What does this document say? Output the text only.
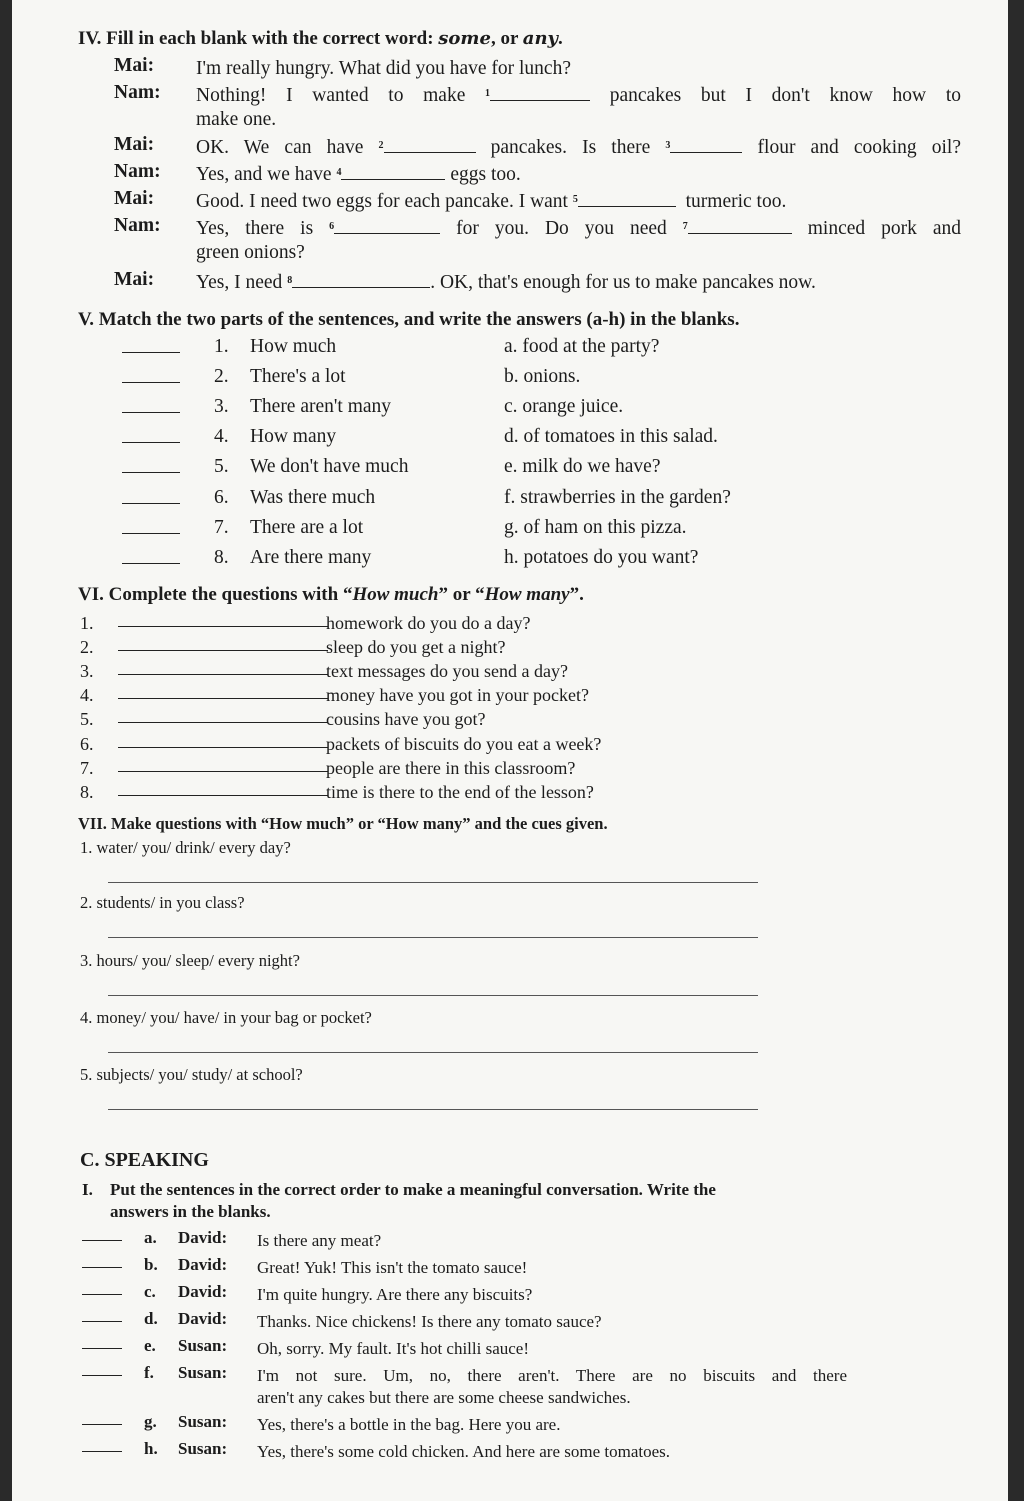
IV. Fill in each blank with the correct word: some, or any.
Mai: I'm really hungry. What did you have for lunch?
Nam: Nothing! I wanted to make $^1$	pancakes but I don't know how to
make one.
Mai: OK. We can have $^2$	pancakes. Is there $^3$	flour and cooking oil?
Nam: Yes, and we have $^4$	eggs too.
Mai: Good. I need two eggs for each pancake. I want $^5$	turmeric too.
Nam: Yes, there is $^6$	for you. Do you need $^7$	minced pork and
green onions?
Mai: Yes, I need $^8$	. OK, that's enough for us to make pancakes now.
V. Match the two parts of the sentences, and write the answers (a-h) in the blanks.
1. How much	a. food at the party?
2. There's a lot	b. onions.
3. There aren't many	c. orange juice.
4. How many	d. of tomatoes in this salad.
5. We don't have much	e. milk do we have?
6. Was there much	f. strawberries in the garden?
7. There are a lot	g. of ham on this pizza.
8. Are there many	h. potatoes do you want?
VI. Complete the questions with “How much” or “How many”.
1.	homework do you do a day?
2.	sleep do you get a night?
3.	text messages do you send a day?
4.	money have you got in your pocket?
5.	cousins have you got?
6.	packets of biscuits do you eat a week?
7.	people are there in this classroom?
8.	time is there to the end of the lesson?
VII. Make questions with “How much” or “How many” and the cues given.
1. water/ you/ drink/ every day?
2. students/ in you class?
3. hours/ you/ sleep/ every night?
4. money/ you/ have/ in your bag or pocket?
5. subjects/ you/ study/ at school?
C. SPEAKING
I. Put the sentences in the correct order to make a meaningful conversation. Write the
answers in the blanks.
a. David: Is there any meat?
b. David: Great! Yuk! This isn't the tomato sauce!
c. David: I'm quite hungry. Are there any biscuits?
d. David: Thanks. Nice chickens! Is there any tomato sauce?
e. Susan: Oh, sorry. My fault. It's hot chilli sauce!
f. Susan: I'm not sure. Um, no, there aren't. There are no biscuits and there
aren't any cakes but there are some cheese sandwiches.
g. Susan: Yes, there's a bottle in the bag. Here you are.
h. Susan: Yes, there's some cold chicken. And here are some tomatoes.
